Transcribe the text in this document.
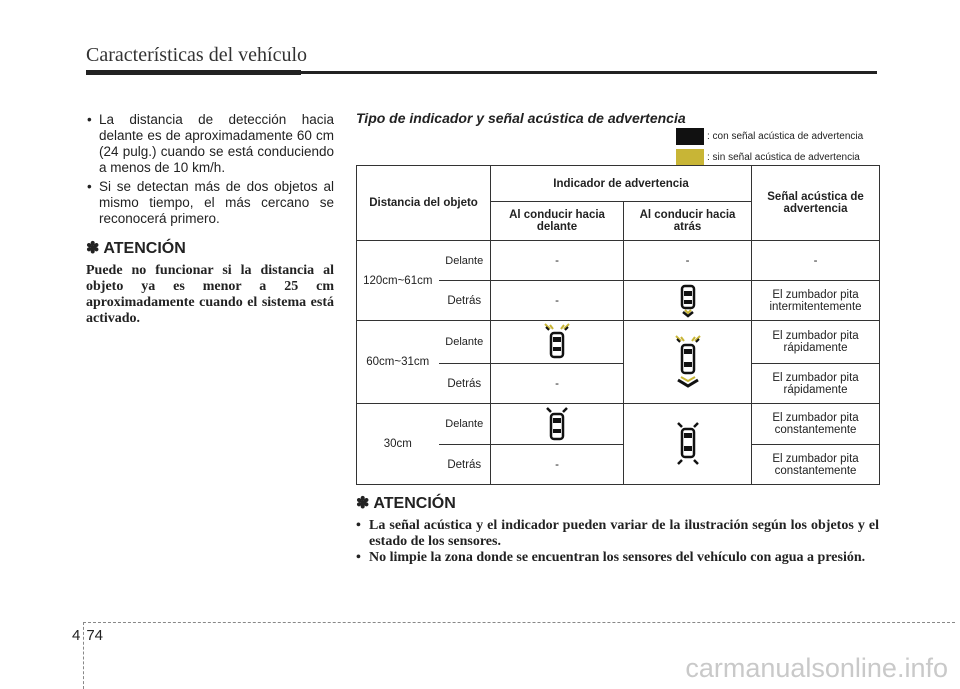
Características del vehículo
• La distancia de detección hacia delante es de aproximadamente 60 cm (24 pulg.) cuando se está conduciendo a menos de 10 km/h.
• Si se detectan más de dos objetos al mismo tiempo, el más cercano se reconocerá primero.
✽ ATENCIÓN
Puede no funcionar si la distancia al objeto ya es menor a 25 cm aproximadamente cuando el sistema está activado.
Tipo de indicador y señal acústica de advertencia
: con señal acústica de advertencia
: sin señal acústica de advertencia
Distancia del objeto		Indicador de advertencia		Señal acústica de advertencia
		Al conducir hacia delante	Al conducir hacia atrás	
120cm~61cm	Delante	-	-	-
	Detrás	-		El zumbador pita intermitentemente
60cm~31cm	Delante			El zumbador pita rápidamente
	Detrás	-		El zumbador pita rápidamente
30cm	Delante			El zumbador pita constantemente
	Detrás	-		El zumbador pita constantemente
✽ ATENCIÓN
• La señal acústica y el indicador pueden variar de la ilustración según los objetos y el estado de los sensores.
• No limpie la zona donde se encuentran los sensores del vehículo con agua a presión.
4 74
carmanualsonline.info
